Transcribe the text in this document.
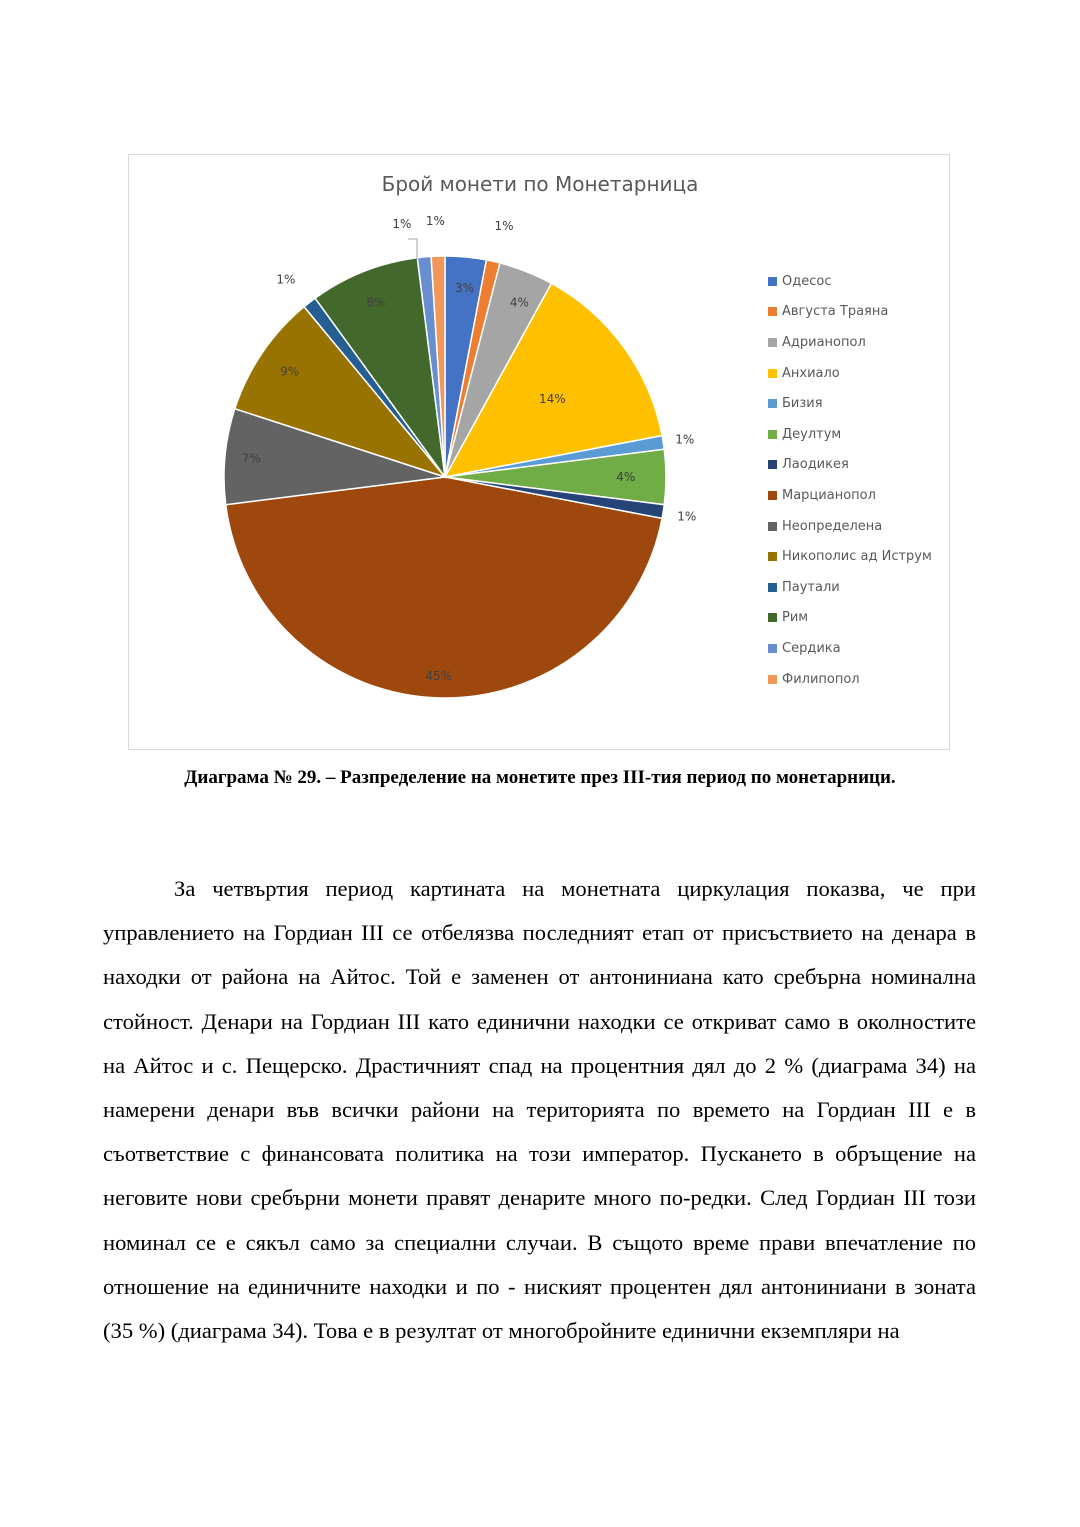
3%
1%
4%
14%
1%
4%
1%
45%
7%
9%
1%
8%
1% 1%
Брой монети по Монетарница
Одесос
Августа Траяна
Адрианопол
Анхиало
Бизия
Деултум
Лаодикея
Марцианопол
Неопределена
Никополис ад Иструм
Паутали
Рим
Сердика
Филипопол
Диаграма № 29. – Разпределение на монетите през III-тия период по монетарници.

За четвъртия период картината на монетната циркулация показва, че при управлението на Гордиан III се отбелязва последният етап от присъствието на денара в находки от района на Айтос. Той е заменен от антониниана като сребърна номинална стойност. Денари на Гордиан III като единични находки се откриват само в околностите на Айтос и с. Пещерско. Драстичният спад на процентния дял до 2 % (диаграма 34) на намерени денари във всички райони на територията по времето на Гордиан III е в съответствие с финансовата политика на този император. Пускането в обръщение на неговите нови сребърни монети правят денарите много по-редки. След Гордиан III този номинал се е сякъл само за специални случаи. В същото време прави впечатление по отношение на единичните находки и по - ниският процентен дял антониниани в зоната (35 %) (диаграма 34). Това е в резултат от многобройните единични екземпляри на
